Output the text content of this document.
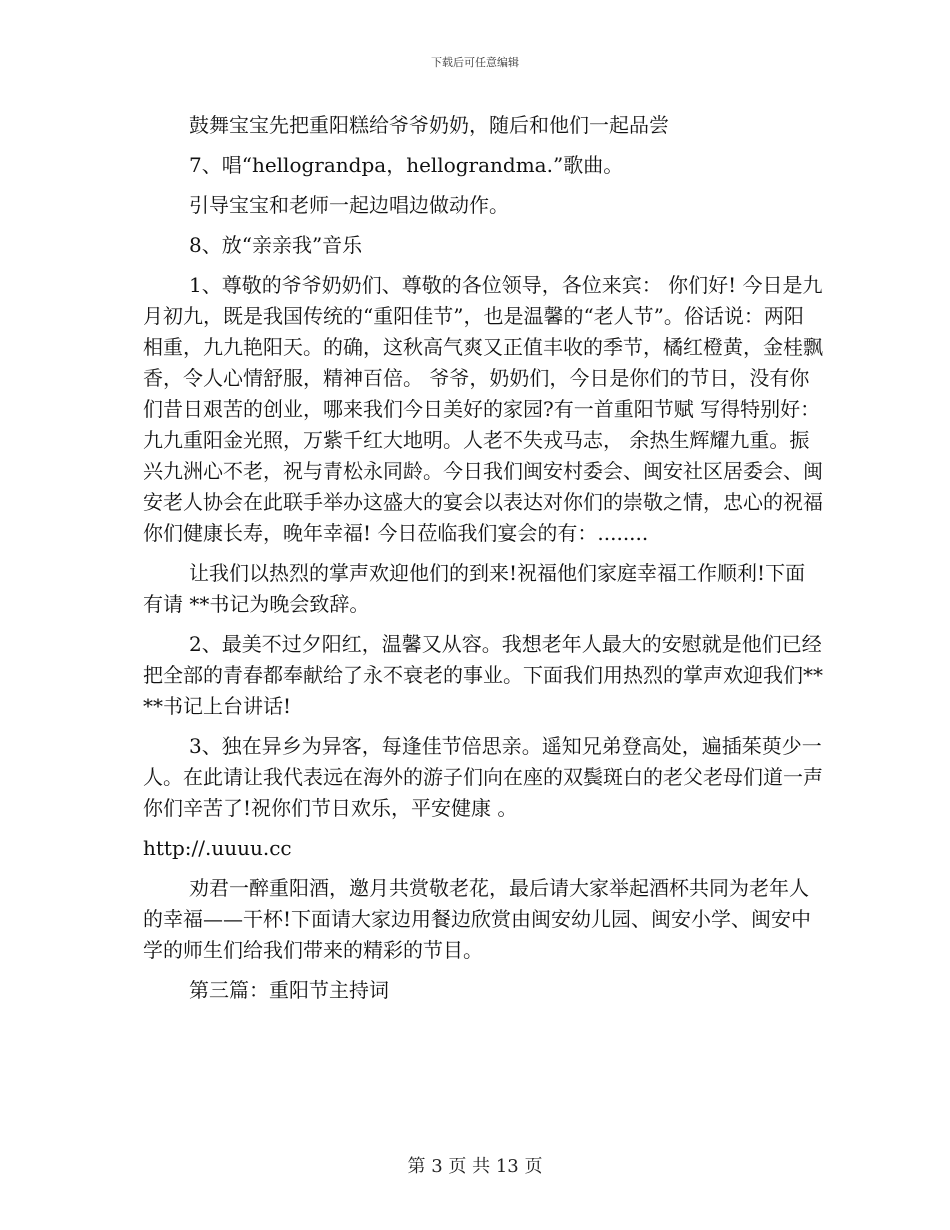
下载后可任意编辑

鼓舞宝宝先把重阳糕给爷爷奶奶，随后和他们一起品尝

7、唱“hellograndpa，hellograndma.”歌曲。

引导宝宝和老师一起边唱边做动作。

8、放“亲亲我”音乐

1、尊敬的爷爷奶奶们、尊敬的各位领导，各位来宾： 你们好! 今日是九月初九，既是我国传统的“重阳佳节”，也是温馨的“老人节”。俗话说：两阳相重，九九艳阳天。的确，这秋高气爽又正值丰收的季节，橘红橙黄，金桂飘香，令人心情舒服，精神百倍。 爷爷，奶奶们，今日是你们的节日，没有你们昔日艰苦的创业，哪来我们今日美好的家园?有一首重阳节赋 写得特别好： 九九重阳金光照，万紫千红大地明。人老不失戎马志， 余热生辉耀九重。振兴九洲心不老，祝与青松永同龄。今日我们闽安村委会、闽安社区居委会、闽安老人协会在此联手举办这盛大的宴会以表达对你们的崇敬之情，忠心的祝福你们健康长寿，晚年幸福! 今日莅临我们宴会的有：........

让我们以热烈的掌声欢迎他们的到来!祝福他们家庭幸福工作顺利!下面有请 **书记为晚会致辞。

2、最美不过夕阳红，温馨又从容。我想老年人最大的安慰就是他们已经把全部的青春都奉献给了永不衰老的事业。下面我们用热烈的掌声欢迎我们****书记上台讲话!

3、独在异乡为异客，每逢佳节倍思亲。遥知兄弟登高处，遍插茱萸少一人。在此请让我代表远在海外的游子们向在座的双鬓斑白的老父老母们道一声你们辛苦了!祝你们节日欢乐，平安健康 。

http://.uuuu.cc

劝君一醉重阳酒，邀月共赏敬老花，最后请大家举起酒杯共同为老年人的幸福——干杯!下面请大家边用餐边欣赏由闽安幼儿园、闽安小学、闽安中学的师生们给我们带来的精彩的节目。

第三篇：重阳节主持词

第 3 页 共 13 页
